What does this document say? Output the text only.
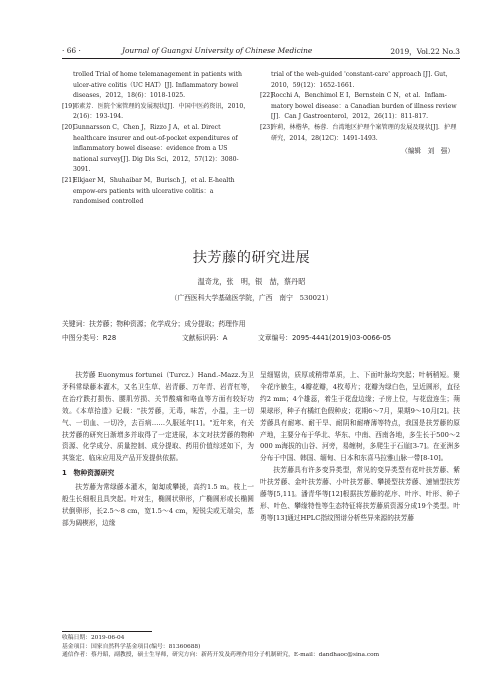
· 66 ·	Journal of Guangxi University of Chinese Medicine	2019，Vol.22 No.3
trolled Trial of home telemanagement in patients with ulcer-ative colitis（UC HAT）[J]. Inflammatory bowel diseases，2012，18(6)：1018-1025.
[19]
邓素芳．医院个案管理的发展现状[J]．中国中医药资讯，2010，2(16)：193-194.
[20]
Gunnarsson C，Chen J，Rizzo J A，et al. Direct healthcare insurer and out-of-pocket expenditures of inflammatory bowel disease：evidence from a US national survey[J]. Dig Dis Sci，2012，57(12)：3080-3091.
[21]
Elkjaer M，Shuhaibar M，Burisch J，et al. E-health empow-ers patients with ulcerative colitis：a randomised controlled
trial of the web-guided 'constant-care' approach [J]. Gut，2010，59(12)：1652-1661.
[22]
Rocchi A，Benchimol E I，Bernstein C N，et al．Inflam-matory bowel disease：a Canadian burden of illness review [J]．Can J Gastroenterol，2012，26(11)：811-817.
[23]
许莉，林楷华，杨蓉．台湾地区护理个案管理的发展及现状[J]．护理研究，2014，28(12C)：1491-1493.
（编辑　刘　强）
扶芳藤的研究进展
温奇龙，张　明，银　喆，蔡丹昭
（广西医科大学基础医学院，广西　南宁　530021）
关键词：扶芳藤；物种资源；化学成分；成分提取；药理作用
中图分类号：R28	文献标识码：A	文章编号：2095-4441(2019)03-0066-05

扶芳藤 Euonymus fortunei（Turcz.）Hand.-Mazz.为卫矛科常绿藤本灌木，又名卫生草、岩青藤、万年青、岩青杠等，在治疗跌打损伤、腰肌劳损、关节酸痛和咯血等方面有较好功效。《本草拾遗》记载："扶芳藤，无毒，味苦，小温，主一切气、一切血、一切冷，去百病……久服延年[1]。"近年来，有关扶芳藤的研究日渐增多并取得了一定进展，本文对扶芳藤的物种资源、化学成分、质量控制、成分提取、药用价值综述如下，为其鉴定、临床应用及产品开发提供依据。

1　物种资源研究

扶芳藤为常绿藤本灌木，匍匐或攀援，高约1.5 m。枝上一般生长细根且具突起。叶对生，椭圆状卵形，广椭圆形或长椭圆状倒卵形，长2.5～8 cm，宽1.5～4 cm，短锐尖或无端尖，基部为阔楔形，边缘

呈细锯齿，质厚或稍带革质，上、下面叶脉均突起；叶柄稍短。聚伞花序腋生，4瓣花瓣，4枚萼片；花瓣为绿白色，呈近圆形，直径约2 mm；4个雄蕊，着生于花盘边缘；子房上位，与花盘连生；蒴果球形，种子有橘红色假种皮；花期6～7月，果期9～10月[2]。扶芳藤具有耐寒、耐干旱、耐阴和耐瘠薄等特点，我国是扶芳藤的原产地，主要分布于华北、华东、中南、西南各地，多生长于500～2 000 m海拔的山谷、河旁，易缠树，多爬生于石崖[3-7]。在亚洲多分布于中国、韩国、缅甸、日本和东喜马拉雅山脉一带[8-10]。

扶芳藤具有许多变异类型，常见的变异类型有花叶扶芳藤、紫叶扶芳藤、金叶扶芳藤、小叶扶芳藤、攀援型扶芳藤、速铺型扶芳藤等[5,11]。潘青华等[12]根据扶芳藤的花序、叶序、叶形、种子形、叶色、攀缘特性等生态特征将扶芳藤质资源分成19个类型。叶勇等[13]通过HPLC指纹图谱分析些异来源的扶芳藤

收稿日期：2019-06-04
基金项目：国家自然科学基金项目(编号：81360688)
通信作者：蔡丹昭，副教授，硕士生导师，研究方向：新药开发及药理作用分子机制研究，E-mail：dandhaoc@sina.com
